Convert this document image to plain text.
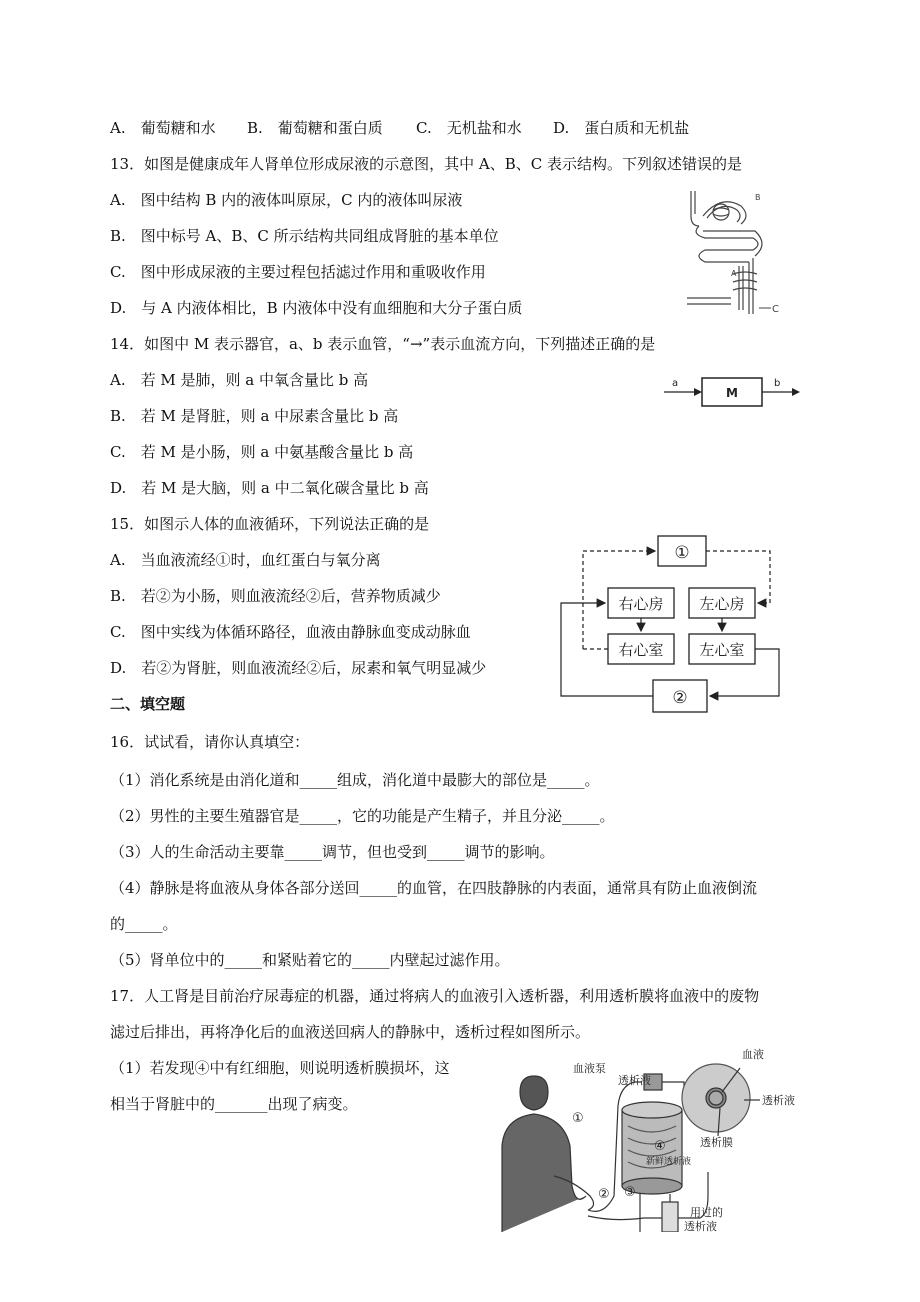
A.　葡萄糖和水 B.　葡萄糖和蛋白质 C.　无机盐和水 D.　蛋白质和无机盐
13．如图是健康成年人肾单位形成尿液的示意图，其中 A、B、C 表示结构。下列叙述错误的是
A.　图中结构 B 内的液体叫原尿，C 内的液体叫尿液
B.　图中标号 A、B、C 所示结构共同组成肾脏的基本单位
C.　图中形成尿液的主要过程包括滤过作用和重吸收作用
D.　与 A 内液体相比，B 内液体中没有血细胞和大分子蛋白质
B
A
C
14．如图中 M 表示器官，a、b 表示血管，“→”表示血流方向，下列描述正确的是
A.　若 M 是肺，则 a 中氧含量比 b 高
B.　若 M 是肾脏，则 a 中尿素含量比 b 高
C.　若 M 是小肠，则 a 中氨基酸含量比 b 高
D.　若 M 是大脑，则 a 中二氧化碳含量比 b 高
a
M
b
15．如图示人体的血液循环，下列说法正确的是
A.　当血液流经①时，血红蛋白与氧分离
B.　若②为小肠，则血液流经②后，营养物质减少
C.　图中实线为体循环路径，血液由静脉血变成动脉血
D.　若②为肾脏，则血液流经②后，尿素和氧气明显减少
①
右心房 左心房
右心室 左心室
②
二、填空题
16．试试看，请你认真填空：
（1）消化系统是由消化道和_____组成，消化道中最膨大的部位是_____。
（2）男性的主要生殖器官是_____，它的功能是产生精子，并且分泌_____。
（3）人的生命活动主要靠_____调节，但也受到_____调节的影响。
（4）静脉是将血液从身体各部分送回_____的血管，在四肢静脉的内表面，通常具有防止血液倒流
的_____。
（5）肾单位中的_____和紧贴着它的_____内壁起过滤作用。
17．人工肾是目前治疗尿毒症的机器，通过将病人的血液引入透析器，利用透析膜将血液中的废物
滤过后排出，再将净化后的血液送回病人的静脉中，透析过程如图所示。
（1）若发现④中有红细胞，则说明透析膜损坏，这
相当于肾脏中的_______出现了病变。
血液泵
透析液
血液
透析液
透析膜
①
② ③
④
新鲜透析液
用过的
透析液
